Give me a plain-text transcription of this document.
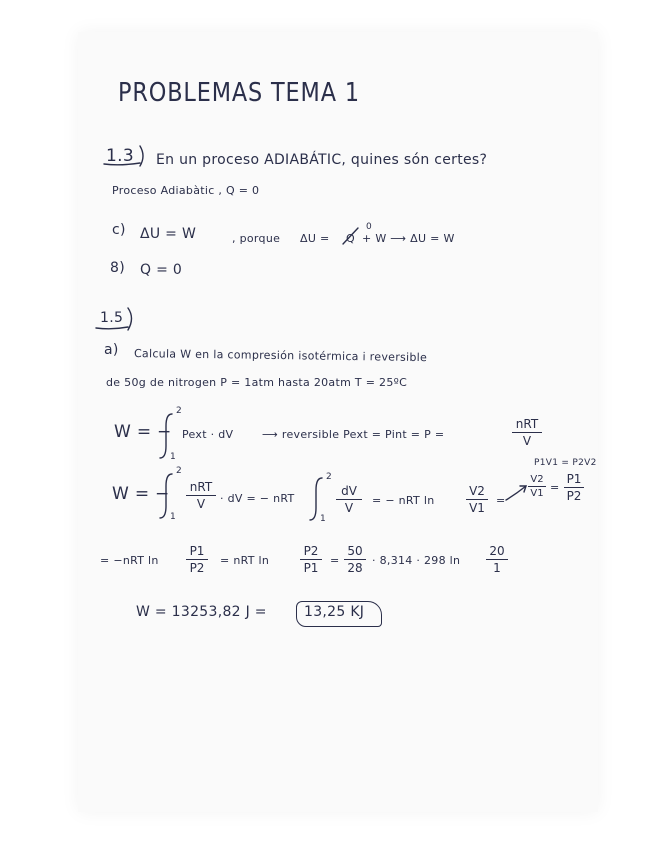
PROBLEMAS TEMA 1
1.3 En un proceso ADIABÁTIC, quines són certes?
Proceso Adiabàtic , Q = 0
c) ΔU = W	, porque ΔU = Q
0
+ W ⟶ ΔU = W
8) Q = 0
1.5
a) Calcula W en la compresión isotérmica i reversible
de 50g de nitrogen P = 1atm hasta 20atm T = 25ºC
W = −
2
1
Pext · dV	⟶ reversible Pext = Pint = P =
nRT
V
P1V1 = P2V2
V2
V1 =
P1
P2
W = −
2
1
nRT
V	· dV = − nRT
2
1
dV
V
= − nRT ln
V2
V1
=
= −nRT ln
P1
P2
= nRT ln
P2
P1
=
50
28
· 8,314 · 298 ln
20
1
W = 13253,82 J =	13,25 KJ
